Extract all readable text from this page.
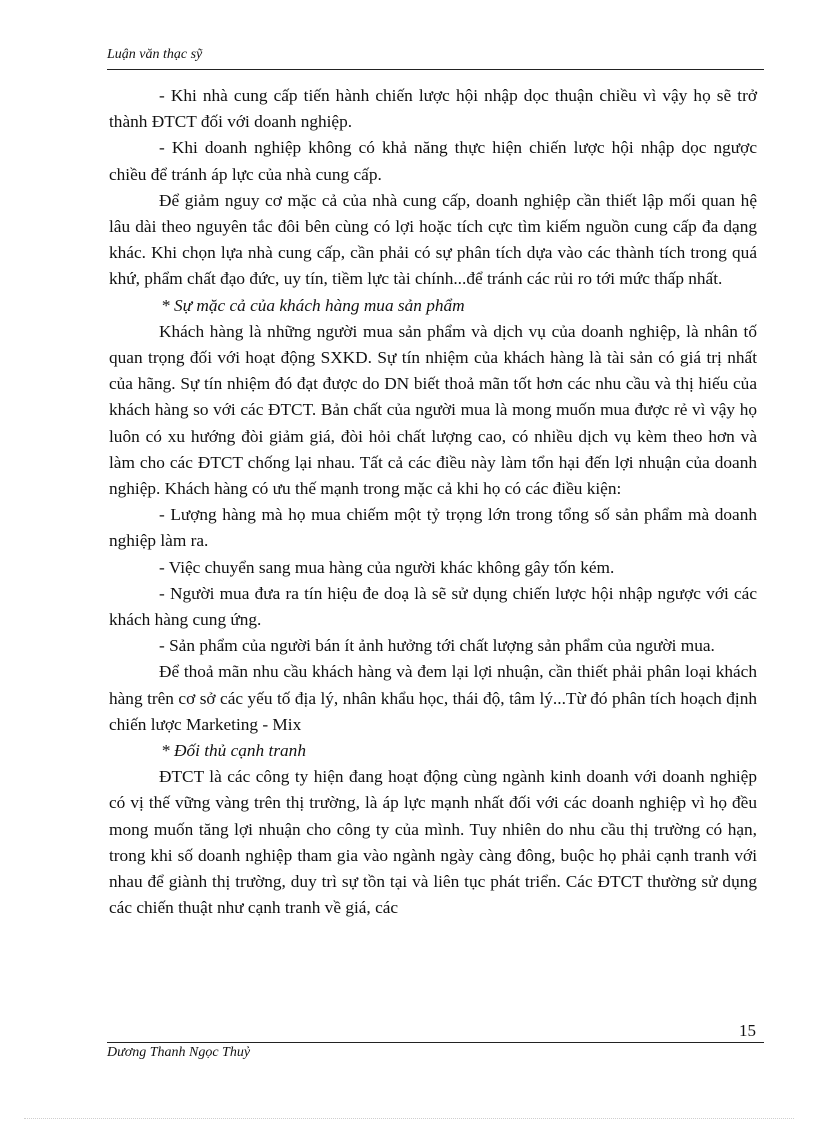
Luận văn thạc sỹ

- Khi nhà cung cấp tiến hành chiến lược hội nhập dọc thuận chiều vì vậy họ sẽ trở thành ĐTCT đối với doanh nghiệp.

- Khi doanh nghiệp không có khả năng thực hiện chiến lược hội nhập dọc ngược chiều để tránh áp lực của nhà cung cấp.

Để giảm nguy cơ mặc cả của nhà cung cấp, doanh nghiệp cần thiết lập mối quan hệ lâu dài theo nguyên tắc đôi bên cùng có lợi hoặc tích cực tìm kiếm nguồn cung cấp đa dạng khác. Khi chọn lựa nhà cung cấp, cần phải có sự phân tích dựa vào các thành tích trong quá khứ, phẩm chất đạo đức, uy tín, tiềm lực tài chính...để tránh các rủi ro tới mức thấp nhất.

* Sự mặc cả của khách hàng mua sản phẩm

Khách hàng là những người mua sản phẩm và dịch vụ của doanh nghiệp, là nhân tố quan trọng đối với hoạt động SXKD. Sự tín nhiệm của khách hàng là tài sản có giá trị nhất của hãng. Sự tín nhiệm đó đạt được do DN biết thoả mãn tốt hơn các nhu cầu và thị hiếu của khách hàng so với các ĐTCT. Bản chất của người mua là mong muốn mua được rẻ vì vậy họ luôn có xu hướng đòi giảm giá, đòi hỏi chất lượng cao, có nhiều dịch vụ kèm theo hơn và làm cho các ĐTCT chống lại nhau. Tất cả các điều này làm tổn hại đến lợi nhuận của doanh nghiệp. Khách hàng có ưu thế mạnh trong mặc cả khi họ có các điều kiện:

- Lượng hàng mà họ mua chiếm một tỷ trọng lớn trong tổng số sản phẩm mà doanh nghiệp làm ra.

- Việc chuyển sang mua hàng của người khác không gây tốn kém.

- Người mua đưa ra tín hiệu đe doạ là sẽ sử dụng chiến lược hội nhập ngược với các khách hàng cung ứng.

- Sản phẩm của người bán ít ảnh hưởng tới chất lượng sản phẩm của người mua.

Để thoả mãn nhu cầu khách hàng và đem lại lợi nhuận, cần thiết phải phân loại khách hàng trên cơ sở các yếu tố địa lý, nhân khẩu học, thái độ, tâm lý...Từ đó phân tích hoạch định chiến lược Marketing - Mix

* Đối thủ cạnh tranh

ĐTCT là các công ty hiện đang hoạt động cùng ngành kinh doanh với doanh nghiệp có vị thế vững vàng trên thị trường, là áp lực mạnh nhất đối với các doanh nghiệp vì họ đều mong muốn tăng lợi nhuận cho công ty của mình. Tuy nhiên do nhu cầu thị trường có hạn, trong khi số doanh nghiệp tham gia vào ngành ngày càng đông, buộc họ phải cạnh tranh với nhau để giành thị trường, duy trì sự tồn tại và liên tục phát triển. Các ĐTCT thường sử dụng các chiến thuật như cạnh tranh về giá, các

15
Dương Thanh Ngọc Thuỷ
